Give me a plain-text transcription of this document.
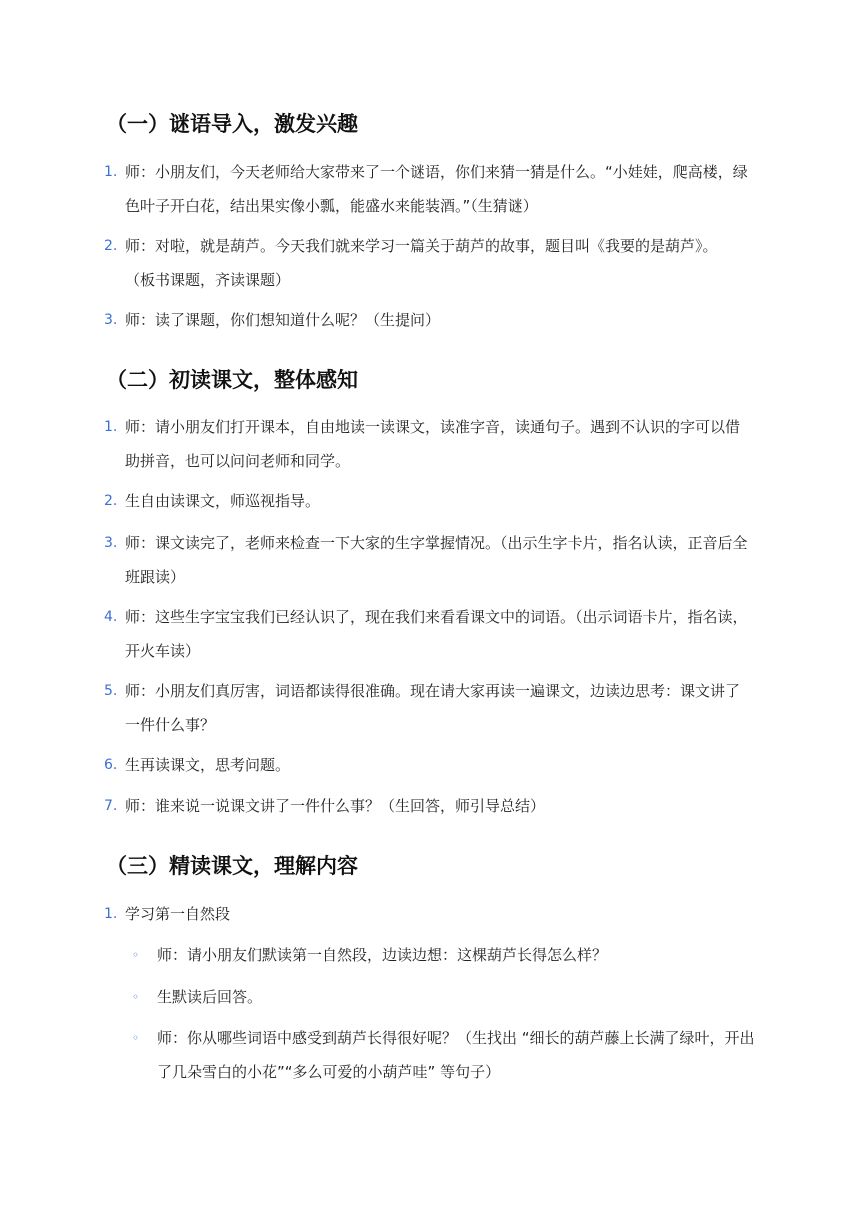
（一）谜语导入，激发兴趣
1. 师：小朋友们，今天老师给大家带来了一个谜语，你们来猜一猜是什么。“小娃娃，爬高楼，绿色叶子开白花，结出果实像小瓢，能盛水来能装酒。”（生猜谜）
2. 师：对啦，就是葫芦。今天我们就来学习一篇关于葫芦的故事，题目叫《我要的是葫芦》。（板书课题，齐读课题）
3. 师：读了课题，你们想知道什么呢？（生提问）
（二）初读课文，整体感知
1. 师：请小朋友们打开课本，自由地读一读课文，读准字音，读通句子。遇到不认识的字可以借助拼音，也可以问问老师和同学。
2. 生自由读课文，师巡视指导。
3. 师：课文读完了，老师来检查一下大家的生字掌握情况。（出示生字卡片，指名认读，正音后全班跟读）
4. 师：这些生字宝宝我们已经认识了，现在我们来看看课文中的词语。（出示词语卡片，指名读，开火车读）
5. 师：小朋友们真厉害，词语都读得很准确。现在请大家再读一遍课文，边读边思考：课文讲了一件什么事？
6. 生再读课文，思考问题。
7. 师：谁来说一说课文讲了一件什么事？（生回答，师引导总结）
（三）精读课文，理解内容
1. 学习第一自然段
◦ 师：请小朋友们默读第一自然段，边读边想：这棵葫芦长得怎么样？
◦ 生默读后回答。
◦ 师：你从哪些词语中感受到葫芦长得很好呢？（生找出 “细长的葫芦藤上长满了绿叶，开出了几朵雪白的小花”“多么可爱的小葫芦哇” 等句子）
